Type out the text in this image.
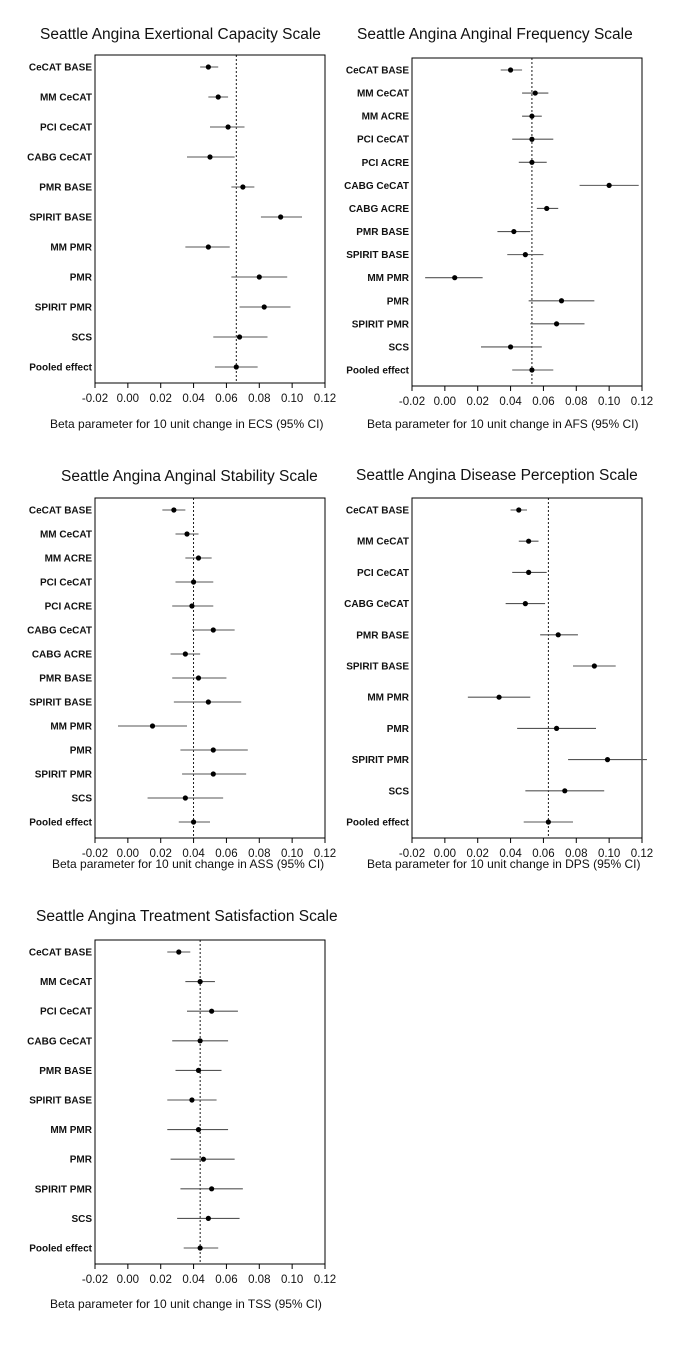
Seattle Angina Exertional Capacity Scale
-0.02 0.00 0.02 0.04 0.06 0.08 0.10 0.12
CeCAT BASE
MM CeCAT
PCI CeCAT
CABG CeCAT
PMR BASE
SPIRIT BASE
MM PMR
PMR
SPIRIT PMR
SCS
Pooled effect
Beta parameter for 10 unit change in ECS (95% CI)
Seattle Angina Anginal Frequency Scale
-0.02 0.00 0.02 0.04 0.06 0.08 0.10 0.12
CeCAT BASE
MM CeCAT
MM ACRE
PCI CeCAT
PCI ACRE
CABG CeCAT
CABG ACRE
PMR BASE
SPIRIT BASE
MM PMR
PMR
SPIRIT PMR
SCS
Pooled effect
Beta parameter for 10 unit change in AFS (95% CI)
Seattle Angina Anginal Stability Scale
-0.02 0.00 0.02 0.04 0.06 0.08 0.10 0.12
CeCAT BASE
MM CeCAT
MM ACRE
PCI CeCAT
PCI ACRE
CABG CeCAT
CABG ACRE
PMR BASE
SPIRIT BASE
MM PMR
PMR
SPIRIT PMR
SCS
Pooled effect
Beta parameter for 10 unit change in ASS (95% CI)
Seattle Angina Disease Perception Scale
-0.02 0.00 0.02 0.04 0.06 0.08 0.10 0.12
CeCAT BASE
MM CeCAT
PCI CeCAT
CABG CeCAT
PMR BASE
SPIRIT BASE
MM PMR
PMR
SPIRIT PMR
SCS
Pooled effect
Beta parameter for 10 unit change in DPS (95% CI)
Seattle Angina Treatment Satisfaction Scale
-0.02 0.00 0.02 0.04 0.06 0.08 0.10 0.12
CeCAT BASE
MM CeCAT
PCI CeCAT
CABG CeCAT
PMR BASE
SPIRIT BASE
MM PMR
PMR
SPIRIT PMR
SCS
Pooled effect
Beta parameter for 10 unit change in TSS (95% CI)
